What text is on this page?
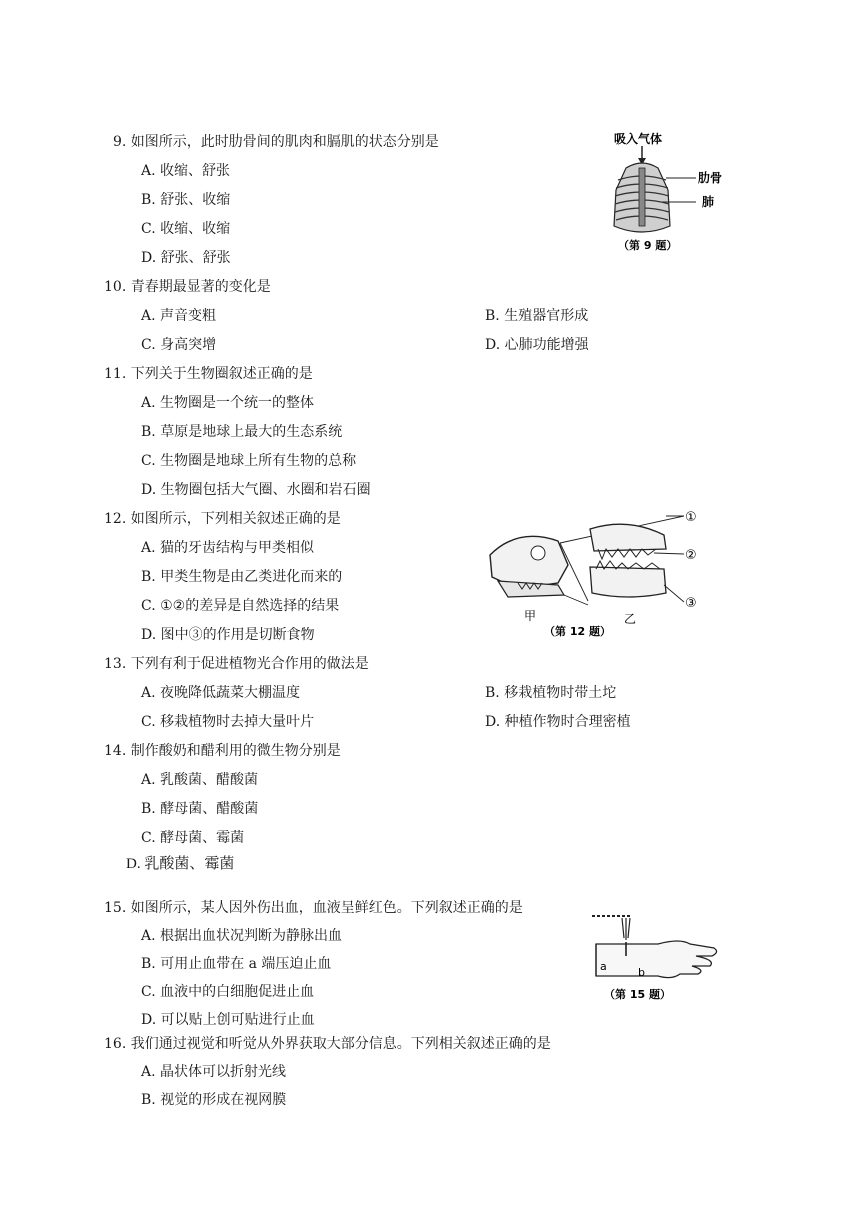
9. 如图所示，此时肋骨间的肌肉和膈肌的状态分别是
A. 收缩、舒张
B. 舒张、收缩
C. 收缩、收缩
D. 舒张、舒张
吸入气体
肋骨
肺
（第 9 题）
10. 青春期最显著的变化是
A. 声音变粗	B. 生殖器官形成
C. 身高突增	D. 心肺功能增强
11. 下列关于生物圈叙述正确的是
A. 生物圈是一个统一的整体
B. 草原是地球上最大的生态系统
C. 生物圈是地球上所有生物的总称
D. 生物圈包括大气圈、水圈和岩石圈
12. 如图所示，下列相关叙述正确的是
A. 猫的牙齿结构与甲类相似
B. 甲类生物是由乙类进化而来的
C. ①②的差异是自然选择的结果
D. 图中③的作用是切断食物
①
②
③
甲	乙
（第 12 题）
13. 下列有利于促进植物光合作用的做法是
A. 夜晚降低蔬菜大棚温度	B. 移栽植物时带土坨
C. 移栽植物时去掉大量叶片	D. 种植作物时合理密植
14. 制作酸奶和醋利用的微生物分别是
A. 乳酸菌、醋酸菌
B. 酵母菌、醋酸菌
C. 酵母菌、霉菌
D. 乳酸菌、霉菌
15. 如图所示，某人因外伤出血，血液呈鲜红色。下列叙述正确的是
A. 根据出血状况判断为静脉出血
B. 可用止血带在 a 端压迫止血
C. 血液中的白细胞促进止血
D. 可以贴上创可贴进行止血
a	b
（第 15 题）
16. 我们通过视觉和听觉从外界获取大部分信息。下列相关叙述正确的是
A. 晶状体可以折射光线
B. 视觉的形成在视网膜
